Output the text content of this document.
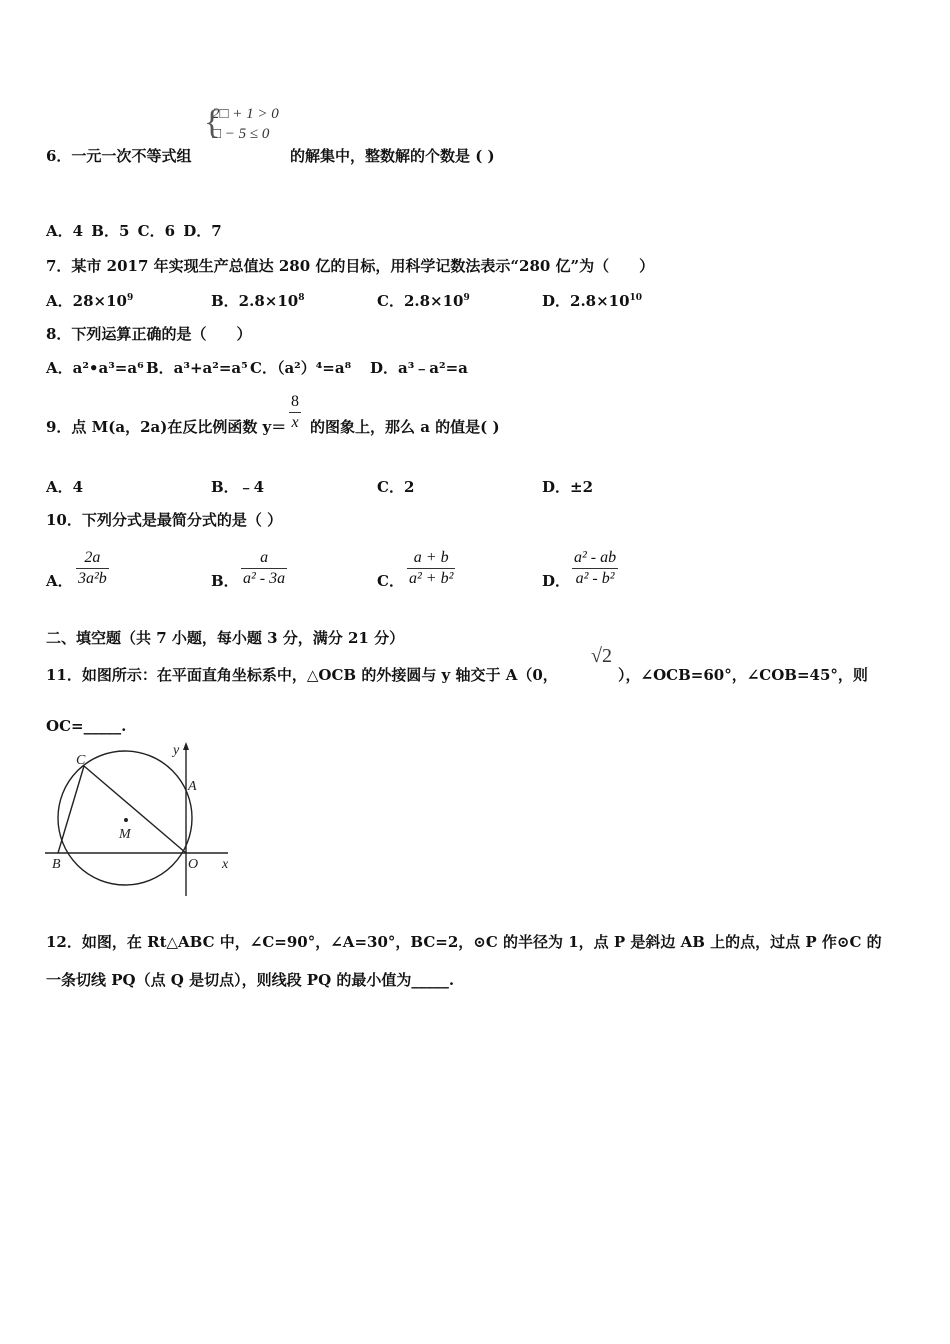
6．一元一次不等式组
{
2□ + 1 > 0
□ − 5 ≤ 0
的解集中，整数解的个数是 ( )
A．4 B．5 C．6 D．7
7．某市 2017 年实现生产总值达 280 亿的目标，用科学记数法表示“280 亿”为（　　）
A．$28\times 10^9$	B．$2.8\times 10^8$	C．$2.8\times 10^9$	D．$2.8\times 10^{10}$
8．下列运算正确的是（　　）
A．a²•a³=a⁶ B．a³+a²=a⁵ C．（a²）⁴=a⁸ D．a³﹣a²=a
9．点 M(a，2a)在反比例函数 y＝
8
x 的图象上，那么 a 的值是( )
A．4	B．﹣4	C．2	D．±2
10．下列分式是最简分式的是（ ）
A．
2a
3a²b	B．
a
a² - 3a	C．
a + b
a² + b²	D．
a² - ab
a² - b²
二、填空题（共 7 小题，每小题 3 分，满分 21 分）
11．如图所示：在平面直角坐标系中，△OCB 的外接圆与 y 轴交于 A（0，
√2
），∠OCB=60°，∠COB=45°，则
OC=_____.
C
y
A
M
B	O x
12．如图，在 Rt△ABC 中，∠C=90°，∠A=30°，BC=2，⊙C 的半径为 1，点 P 是斜边 AB 上的点，过点 P 作⊙C 的
一条切线 PQ（点 Q 是切点），则线段 PQ 的最小值为_____.
